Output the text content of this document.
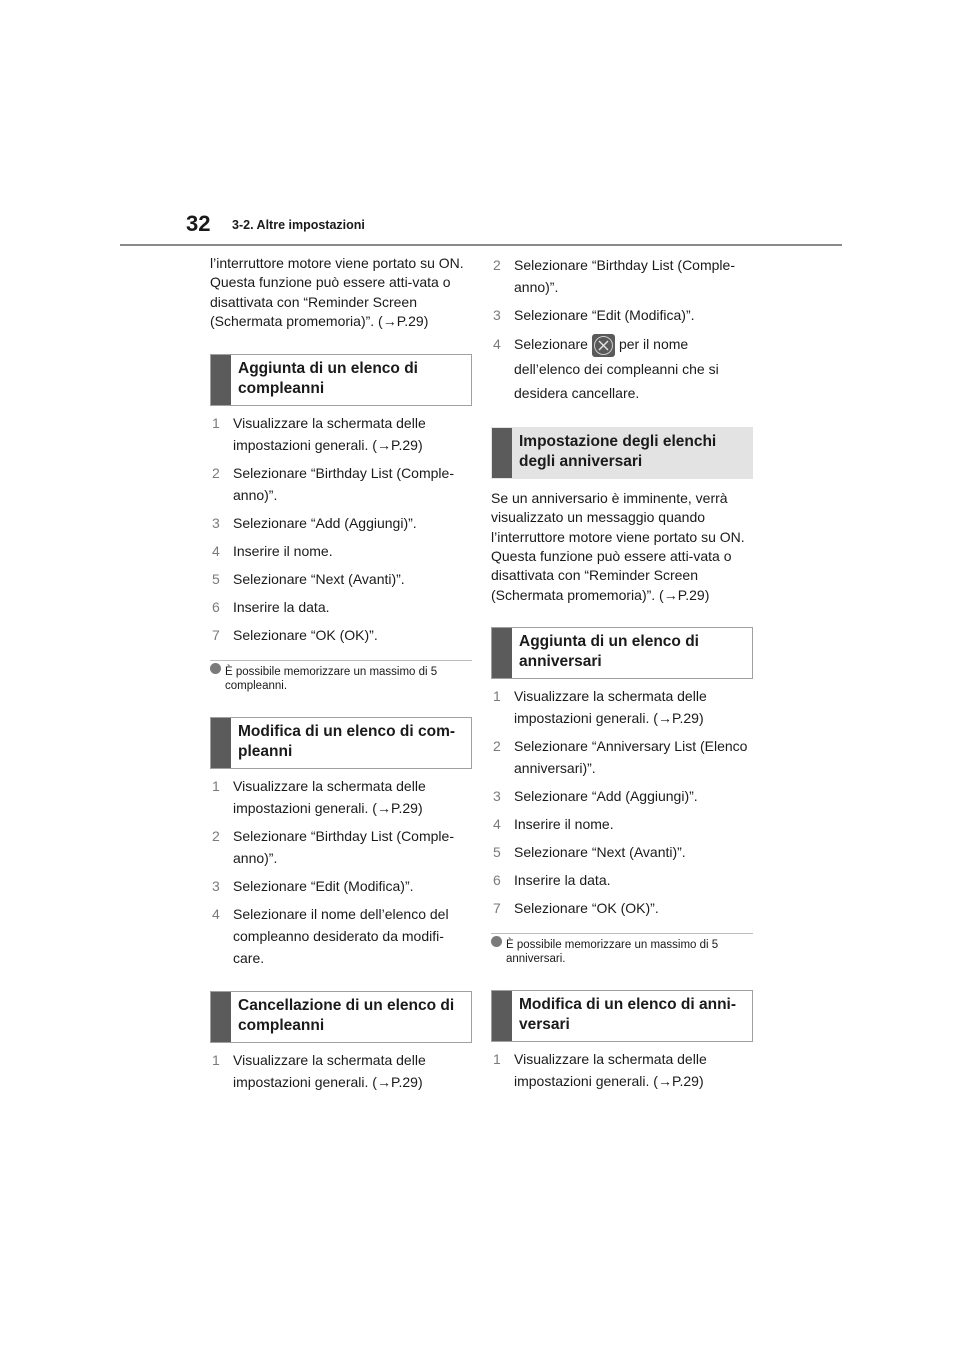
32 3-2. Altre impostazioni

l’interruttore motore viene portato su ON. Questa funzione può essere atti-vata o disattivata con “Reminder Screen (Schermata promemoria)”. (→P.29)

Aggiunta di un elenco di compleanni
1 Visualizzare la schermata delle impostazioni generali. (→P.29)
2 Selezionare “Birthday List (Comple-anno)”.
3 Selezionare “Add (Aggiungi)”.
4 Inserire il nome.
5 Selezionare “Next (Avanti)”.
6 Inserire la data.
7 Selezionare “OK (OK)”.
È possibile memorizzare un massimo di 5 compleanni.
Modifica di un elenco di com-pleanni
1 Visualizzare la schermata delle impostazioni generali. (→P.29)
2 Selezionare “Birthday List (Comple-anno)”.
3 Selezionare “Edit (Modifica)”.
4 Selezionare il nome dell’elenco del compleanno desiderato da modifi-care.
Cancellazione di un elenco di compleanni
1 Visualizzare la schermata delle impostazioni generali. (→P.29)
2 Selezionare “Birthday List (Comple-anno)”.
3 Selezionare “Edit (Modifica)”.
4 Selezionare per il nome dell’elenco dei compleanni che si desidera cancellare.
Impostazione degli elenchi degli anniversari

Se un anniversario è imminente, verrà visualizzato un messaggio quando l’interruttore motore viene portato su ON. Questa funzione può essere atti-vata o disattivata con “Reminder Screen (Schermata promemoria)”. (→P.29)

Aggiunta di un elenco di anniversari
1 Visualizzare la schermata delle impostazioni generali. (→P.29)
2 Selezionare “Anniversary List (Elenco anniversari)”.
3 Selezionare “Add (Aggiungi)”.
4 Inserire il nome.
5 Selezionare “Next (Avanti)”.
6 Inserire la data.
7 Selezionare “OK (OK)”.
È possibile memorizzare un massimo di 5 anniversari.
Modifica di un elenco di anni-versari
1 Visualizzare la schermata delle impostazioni generali. (→P.29)
